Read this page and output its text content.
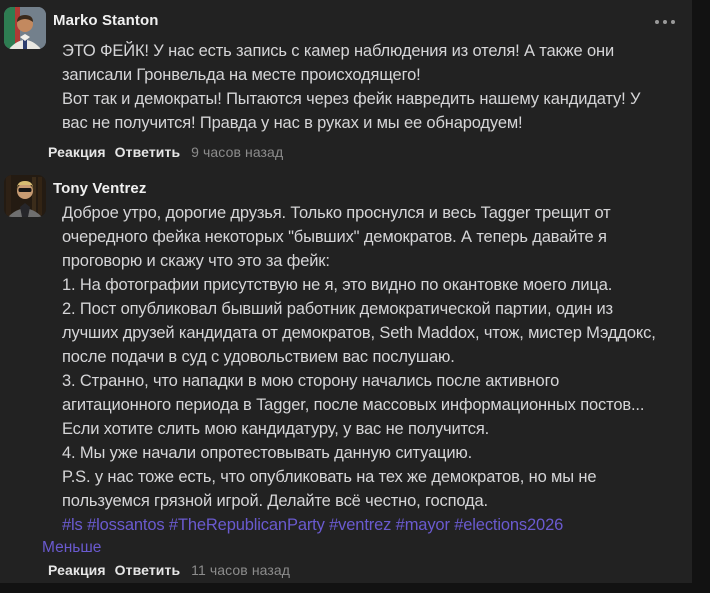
Marko Stanton
ЭТО ФЕЙК! У нас есть запись с камер наблюдения из отеля! А также они
записали Гронвельда на месте происходящего!
Вот так и демократы! Пытаются через фейк навредить нашему кандидату! У
вас не получится! Правда у нас в руках и мы ее обнародуем!
Реакция Ответить 9 часов назад
Tony Ventrez
Доброе утро, дорогие друзья. Только проснулся и весь Tagger трещит от
очередного фейка некоторых "бывших" демократов. А теперь давайте я
проговорю и скажу что это за фейк:
1. На фотографии присутствую не я, это видно по окантовке моего лица.
2. Пост опубликовал бывший работник демократической партии, один из
лучших друзей кандидата от демократов, Seth Maddox, чтож, мистер Мэддокс,
после подачи в суд с удовольствием вас послушаю.
3. Странно, что нападки в мою сторону начались после активного
агитационного периода в Tagger, после массовых информационных постов...
Если хотите слить мою кандидатуру, у вас не получится.
4. Мы уже начали опротестовывать данную ситуацию.
P.S. у нас тоже есть, что опубликовать на тех же демократов, но мы не
пользуемся грязной игрой. Делайте всё честно, господа.
#ls #lossantos #TheRepublicanParty #ventrez #mayor #elections2026
Меньше
Реакция Ответить 11 часов назад
